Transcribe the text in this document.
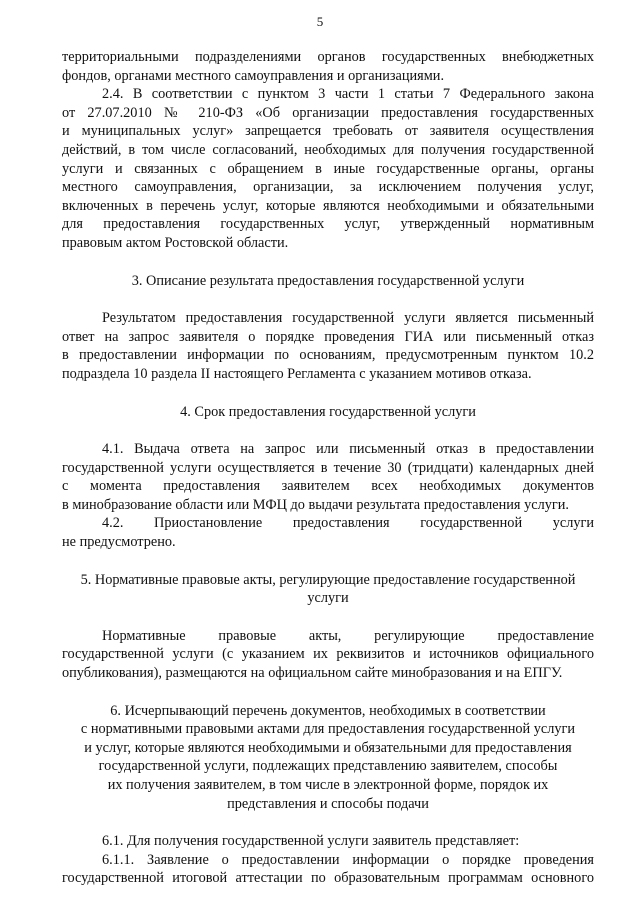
5

территориальными подразделениями органов государственных внебюджетных

фондов, органами местного самоуправления и организациями.

2.4. В соответствии с пунктом 3 части 1 статьи 7 Федерального закона

от 27.07.2010 № 210-ФЗ «Об организации предоставления государственных

и муниципальных услуг» запрещается требовать от заявителя осуществления

действий, в том числе согласований, необходимых для получения государственной

услуги и связанных с обращением в иные государственные органы, органы

местного самоуправления, организации, за исключением получения услуг,

включенных в перечень услуг, которые являются необходимыми и обязательными

для предоставления государственных услуг, утвержденный нормативным

правовым актом Ростовской области.

3. Описание результата предоставления государственной услуги

Результатом предоставления государственной услуги является письменный

ответ на запрос заявителя о порядке проведения ГИА или письменный отказ

в предоставлении информации по основаниям, предусмотренным пунктом 10.2

подраздела 10 раздела II настоящего Регламента с указанием мотивов отказа.

4. Срок предоставления государственной услуги

4.1. Выдача ответа на запрос или письменный отказ в предоставлении

государственной услуги осуществляется в течение 30 (тридцати) календарных дней

с момента предоставления заявителем всех необходимых документов

в минобразование области или МФЦ до выдачи результата предоставления услуги.

4.2. Приостановление предоставления государственной услуги

не предусмотрено.

5. Нормативные правовые акты, регулирующие предоставление государственной

услуги

Нормативные правовые акты, регулирующие предоставление

государственной услуги (с указанием их реквизитов и источников официального

опубликования), размещаются на официальном сайте минобразования и на ЕПГУ.

6. Исчерпывающий перечень документов, необходимых в соответствии

с нормативными правовыми актами для предоставления государственной услуги

и услуг, которые являются необходимыми и обязательными для предоставления

государственной услуги, подлежащих представлению заявителем, способы

их получения заявителем, в том числе в электронной форме, порядок их

представления и способы подачи

6.1. Для получения государственной услуги заявитель представляет:

6.1.1. Заявление о предоставлении информации о порядке проведения

государственной итоговой аттестации по образовательным программам основного
